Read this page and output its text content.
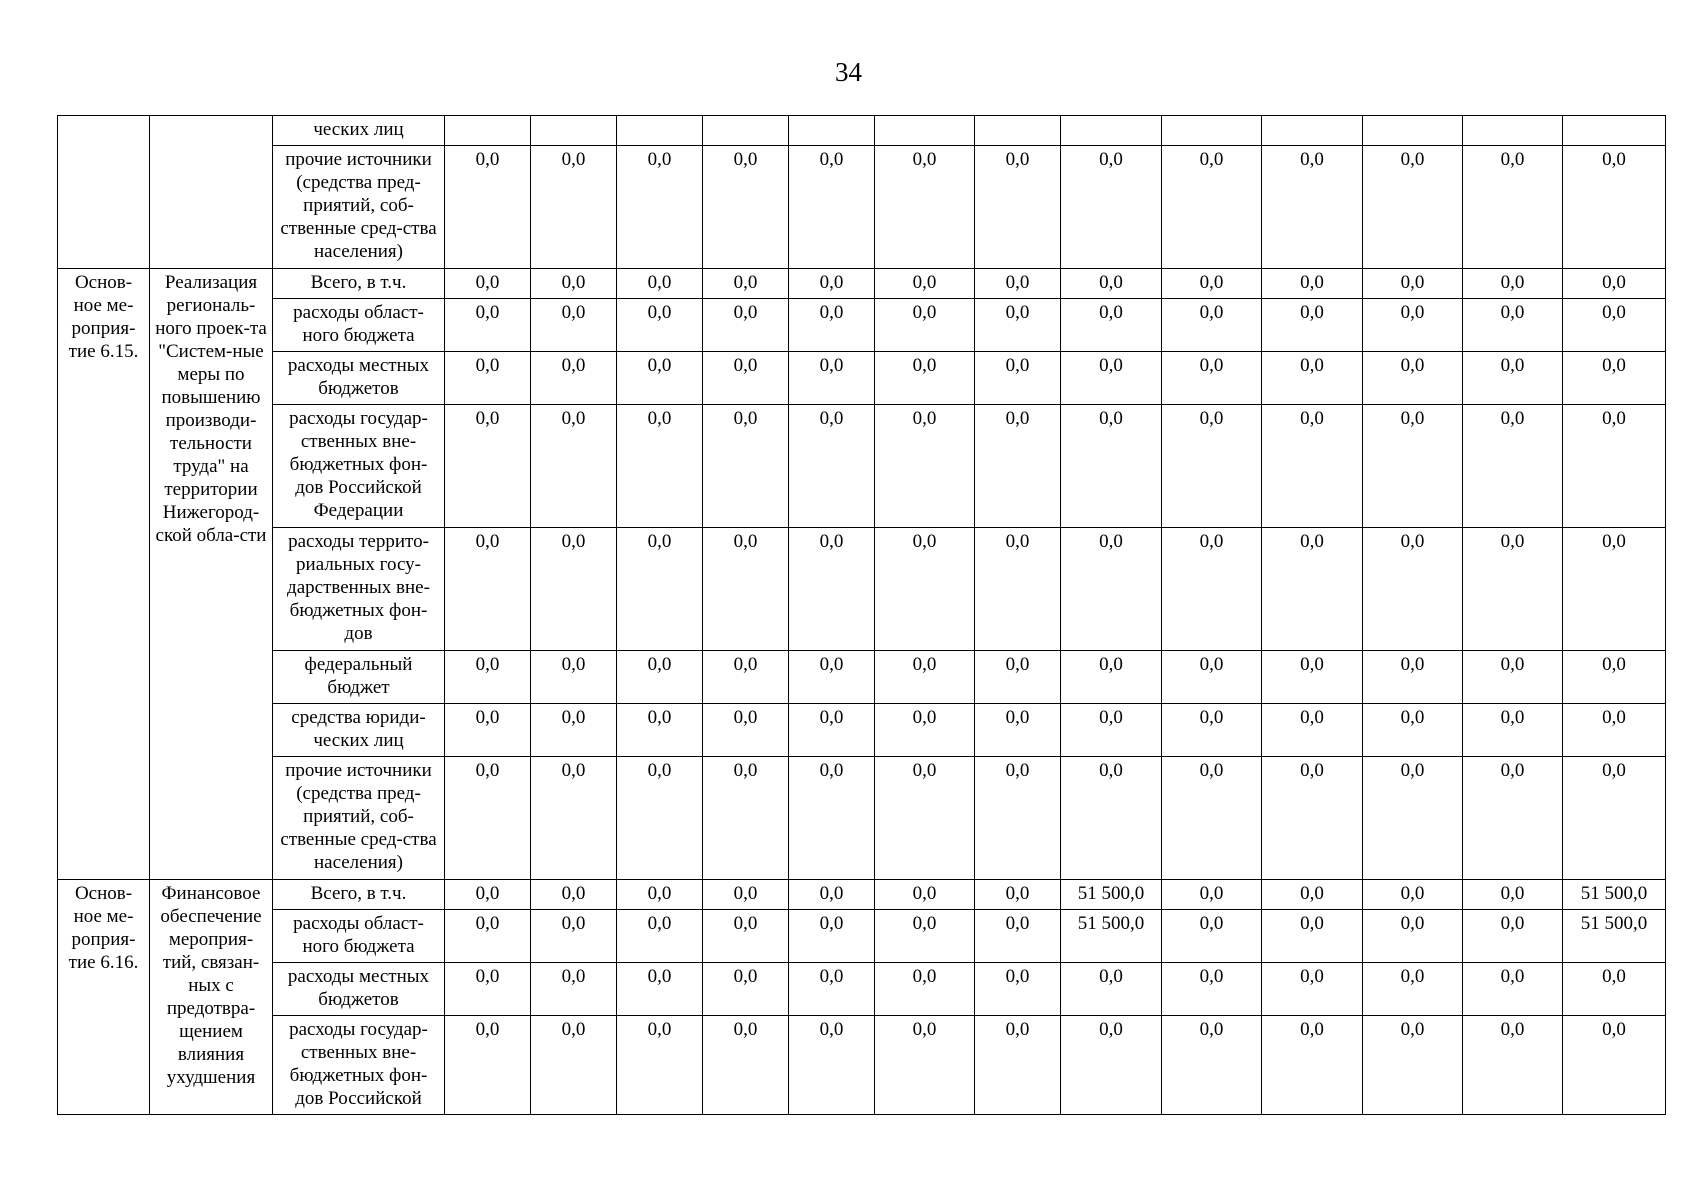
34
		ческих лиц													
		прочие источники (средства пред-приятий, соб-ственные сред-ства населения)	0,0	0,0	0,0	0,0	0,0	0,0	0,0	0,0	0,0	0,0	0,0	0,0	0,0
Основ-ное ме-роприя-тие 6.15.	Реализация региональ-ного проек-та "Систем-ные меры по повышению производи-тельности труда" на территории Нижегород-ской обла-сти	Всего, в т.ч.	0,0	0,0	0,0	0,0	0,0	0,0	0,0	0,0	0,0	0,0	0,0	0,0	0,0
		расходы област-ного бюджета	0,0	0,0	0,0	0,0	0,0	0,0	0,0	0,0	0,0	0,0	0,0	0,0	0,0
		расходы местных бюджетов	0,0	0,0	0,0	0,0	0,0	0,0	0,0	0,0	0,0	0,0	0,0	0,0	0,0
		расходы государ-ственных вне-бюджетных фон-дов Российской Федерации	0,0	0,0	0,0	0,0	0,0	0,0	0,0	0,0	0,0	0,0	0,0	0,0	0,0
		расходы террито-риальных госу-дарственных вне-бюджетных фон-дов	0,0	0,0	0,0	0,0	0,0	0,0	0,0	0,0	0,0	0,0	0,0	0,0	0,0
		федеральный бюджет	0,0	0,0	0,0	0,0	0,0	0,0	0,0	0,0	0,0	0,0	0,0	0,0	0,0
		средства юриди-ческих лиц	0,0	0,0	0,0	0,0	0,0	0,0	0,0	0,0	0,0	0,0	0,0	0,0	0,0
		прочие источники (средства пред-приятий, соб-ственные сред-ства населения)	0,0	0,0	0,0	0,0	0,0	0,0	0,0	0,0	0,0	0,0	0,0	0,0	0,0
Основ-ное ме-роприя-тие 6.16.	Финансовое обеспечение мероприя-тий, связан-ных с предотвра-щением влияния ухудшения	Всего, в т.ч.	0,0	0,0	0,0	0,0	0,0	0,0	0,0	51 500,0	0,0	0,0	0,0	0,0	51 500,0
		расходы област-ного бюджета	0,0	0,0	0,0	0,0	0,0	0,0	0,0	51 500,0	0,0	0,0	0,0	0,0	51 500,0
		расходы местных бюджетов	0,0	0,0	0,0	0,0	0,0	0,0	0,0	0,0	0,0	0,0	0,0	0,0	0,0
		расходы государ-ственных вне-бюджетных фон-дов Российской	0,0	0,0	0,0	0,0	0,0	0,0	0,0	0,0	0,0	0,0	0,0	0,0	0,0
